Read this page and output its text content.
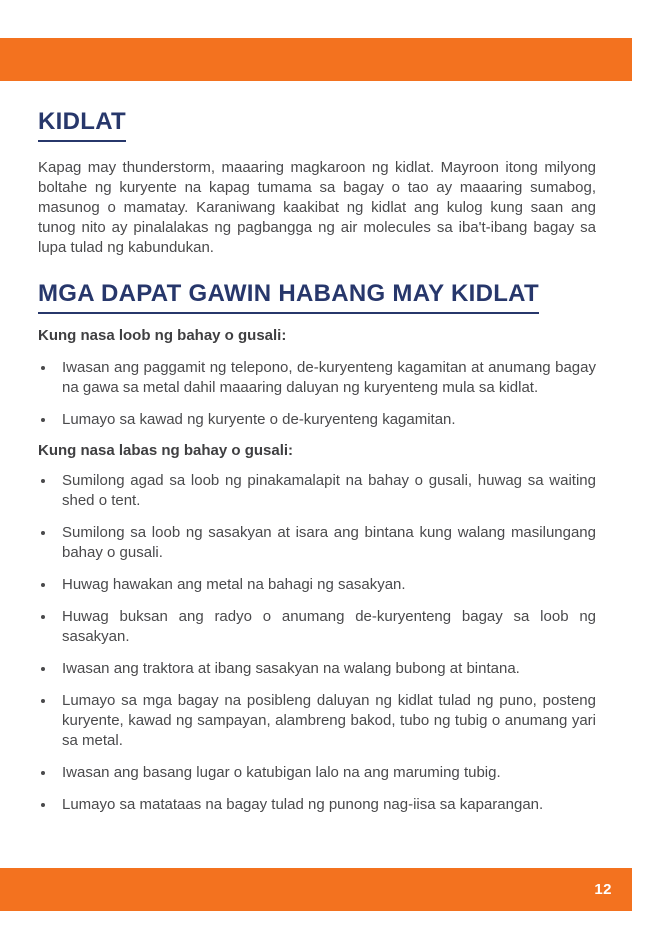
KIDLAT

Kapag may thunderstorm, maaaring magkaroon ng kidlat. Mayroon itong milyong boltahe ng kuryente na kapag tumama sa bagay o tao ay maaaring sumabog, masunog o mamatay. Karaniwang kaakibat ng kidlat ang kulog kung saan ang tunog nito ay pinalalakas ng pagbangga ng air molecules sa iba't-ibang bagay sa lupa tulad ng kabundukan.

MGA DAPAT GAWIN HABANG MAY KIDLAT

Kung nasa loob ng bahay o gusali:

Iwasan ang paggamit ng telepono, de-kuryenteng kagamitan at anumang bagay na gawa sa metal dahil maaaring daluyan ng kuryenteng mula sa kidlat.
Lumayo sa kawad ng kuryente o de-kuryenteng kagamitan.

Kung nasa labas ng bahay o gusali:

Sumilong agad sa loob ng pinakamalapit na bahay o gusali, huwag sa waiting shed o tent.
Sumilong sa loob ng sasakyan at isara ang bintana kung walang masilungang bahay o gusali.
Huwag hawakan ang metal na bahagi ng sasakyan.
Huwag buksan ang radyo o anumang de-kuryenteng bagay sa loob ng sasakyan.
Iwasan ang traktora at ibang sasakyan na walang bubong at bintana.
Lumayo sa mga bagay na posibleng daluyan ng kidlat tulad ng puno, posteng kuryente, kawad ng sampayan, alambreng bakod, tubo ng tubig o anumang yari sa metal.
Iwasan ang basang lugar o katubigan lalo na ang maruming tubig.
Lumayo sa matataas na bagay tulad ng punong nag-iisa sa kaparangan.
12
